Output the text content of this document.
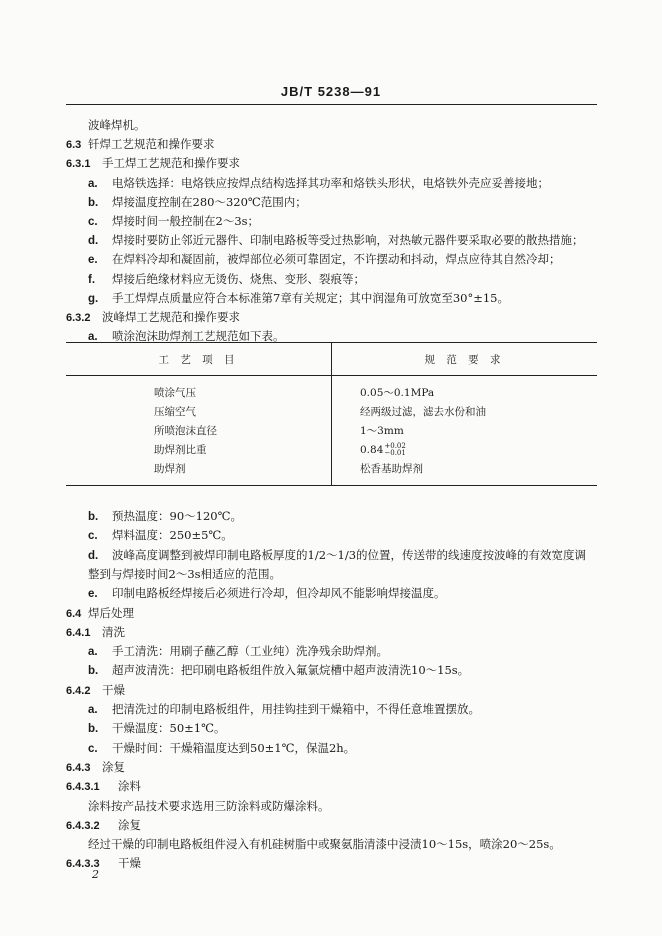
JB/T 5238—91
波峰焊机。
6.3 钎焊工艺规范和操作要求
6.3.1 手工焊工艺规范和操作要求
a. 电烙铁选择：电烙铁应按焊点结构选择其功率和烙铁头形状，电烙铁外壳应妥善接地；
b. 焊接温度控制在280～320℃范围内；
c. 焊接时间一般控制在2～3s；
d. 焊接时要防止邻近元器件、印制电路板等受过热影响，对热敏元器件要采取必要的散热措施；
e. 在焊料冷却和凝固前，被焊部位必须可靠固定，不许摆动和抖动，焊点应待其自然冷却；
f. 焊接后绝缘材料应无烫伤、烧焦、变形、裂痕等；
g. 手工焊焊点质量应符合本标准第7章有关规定；其中润湿角可放宽至30°±15。
6.3.2 波峰焊工艺规范和操作要求
a. 喷涂泡沫助焊剂工艺规范如下表。
工 艺 项 目	规 范 要 求
喷涂气压	0.05～0.1MPa
压缩空气	经两级过滤，滤去水份和油
所喷泡沫直径	1～3mm
助焊剂比重	0.84+0.02
−0.01
助焊剂	松香基助焊剂
b. 预热温度：90～120℃。
c. 焊料温度：250±5℃。
d. 波峰高度调整到被焊印制电路板厚度的1/2～1/3的位置，传送带的线速度按波峰的有效宽度调
整到与焊接时间2～3s相适应的范围。
e. 印制电路板经焊接后必须进行冷却，但冷却风不能影响焊接温度。
6.4 焊后处理
6.4.1 清洗
a. 手工清洗：用刷子蘸乙醇（工业纯）洗净残余助焊剂。
b. 超声波清洗：把印刷电路板组件放入氟氯烷槽中超声波清洗10～15s。
6.4.2 干燥
a. 把清洗过的印制电路板组件，用挂钩挂到干燥箱中，不得任意堆置摆放。
b. 干燥温度：50±1℃。
c. 干燥时间：干燥箱温度达到50±1℃，保温2h。
6.4.3 涂复
6.4.3.1 涂料
涂料按产品技术要求选用三防涂料或防爆涂料。
6.4.3.2 涂复
经过干燥的印制电路板组件浸入有机硅树脂中或聚氨脂清漆中浸渍10～15s，喷涂20～25s。
6.4.3.3 干燥
2
